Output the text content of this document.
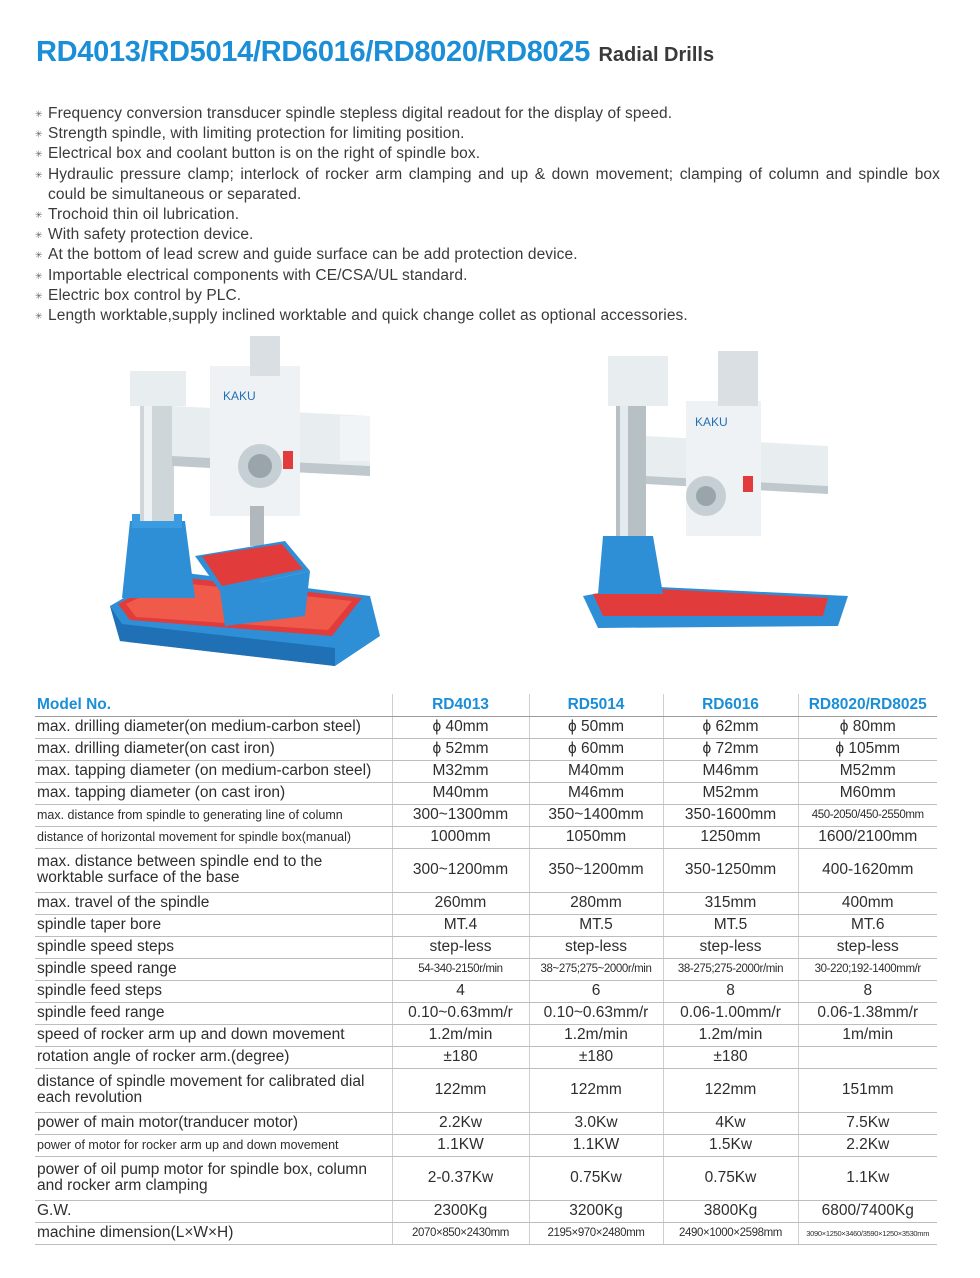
RD4013/RD5014/RD6016/RD8020/RD8025 Radial Drills
✳ Frequency conversion transducer spindle stepless digital readout for the display of speed.
✳ Strength spindle, with limiting protection for limiting position.
✳ Electrical box and coolant button is on the right of spindle box.
✳ Hydraulic pressure clamp; interlock of rocker arm clamping and up & down movement; clamping of column and spindle box could be simultaneous or separated.
✳ Trochoid thin oil lubrication.
✳ With safety protection device.
✳ At the bottom of lead screw and guide surface can be add protection device.
✳ Importable electrical components with CE/CSA/UL standard.
✳ Electric box control by PLC.
✳ Length worktable,supply inclined worktable and quick change collet as optional accessories.
KAKU
KAKU
Model No.	RD4013	RD5014	RD6016	RD8020/RD8025
max. drilling diameter(on medium-carbon steel)	ϕ 40mm	ϕ 50mm	ϕ 62mm	ϕ 80mm
max. drilling diameter(on cast iron)	ϕ 52mm	ϕ 60mm	ϕ 72mm	ϕ 105mm
max. tapping diameter (on medium-carbon steel)	M32mm	M40mm	M46mm	M52mm
max. tapping diameter (on cast iron)	M40mm	M46mm	M52mm	M60mm
max. distance from spindle to generating line of column	300~1300mm	350~1400mm	350-1600mm	450-2050/450-2550mm
distance of horizontal movement for spindle box(manual)	1000mm	1050mm	1250mm	1600/2100mm
max. distance between spindle end to the worktable surface of the base	300~1200mm	350~1200mm	350-1250mm	400-1620mm
max. travel of the spindle	260mm	280mm	315mm	400mm
spindle taper bore	MT.4	MT.5	MT.5	MT.6
spindle speed steps	step-less	step-less	step-less	step-less
spindle speed range	54-340-2150r/min	38~275;275~2000r/min	38-275;275-2000r/min	30-220;192-1400mm/r
spindle feed steps	4	6	8	8
spindle feed range	0.10~0.63mm/r	0.10~0.63mm/r	0.06-1.00mm/r	0.06-1.38mm/r
speed of rocker arm up and down movement	1.2m/min	1.2m/min	1.2m/min	1m/min
rotation angle of rocker arm.(degree)	±180	±180	±180	
distance of spindle movement for calibrated dial each revolution	122mm	122mm	122mm	151mm
power of main motor(tranducer motor)	2.2Kw	3.0Kw	4Kw	7.5Kw
power of motor for rocker arm up and down movement	1.1KW	1.1KW	1.5Kw	2.2Kw
power of oil pump motor for spindle box, column and rocker arm clamping	2-0.37Kw	0.75Kw	0.75Kw	1.1Kw
G.W.	2300Kg	3200Kg	3800Kg	6800/7400Kg
machine dimension(L×W×H)	2070×850×2430mm	2195×970×2480mm	2490×1000×2598mm	3090×1250×3460/3590×1250×3530mm
